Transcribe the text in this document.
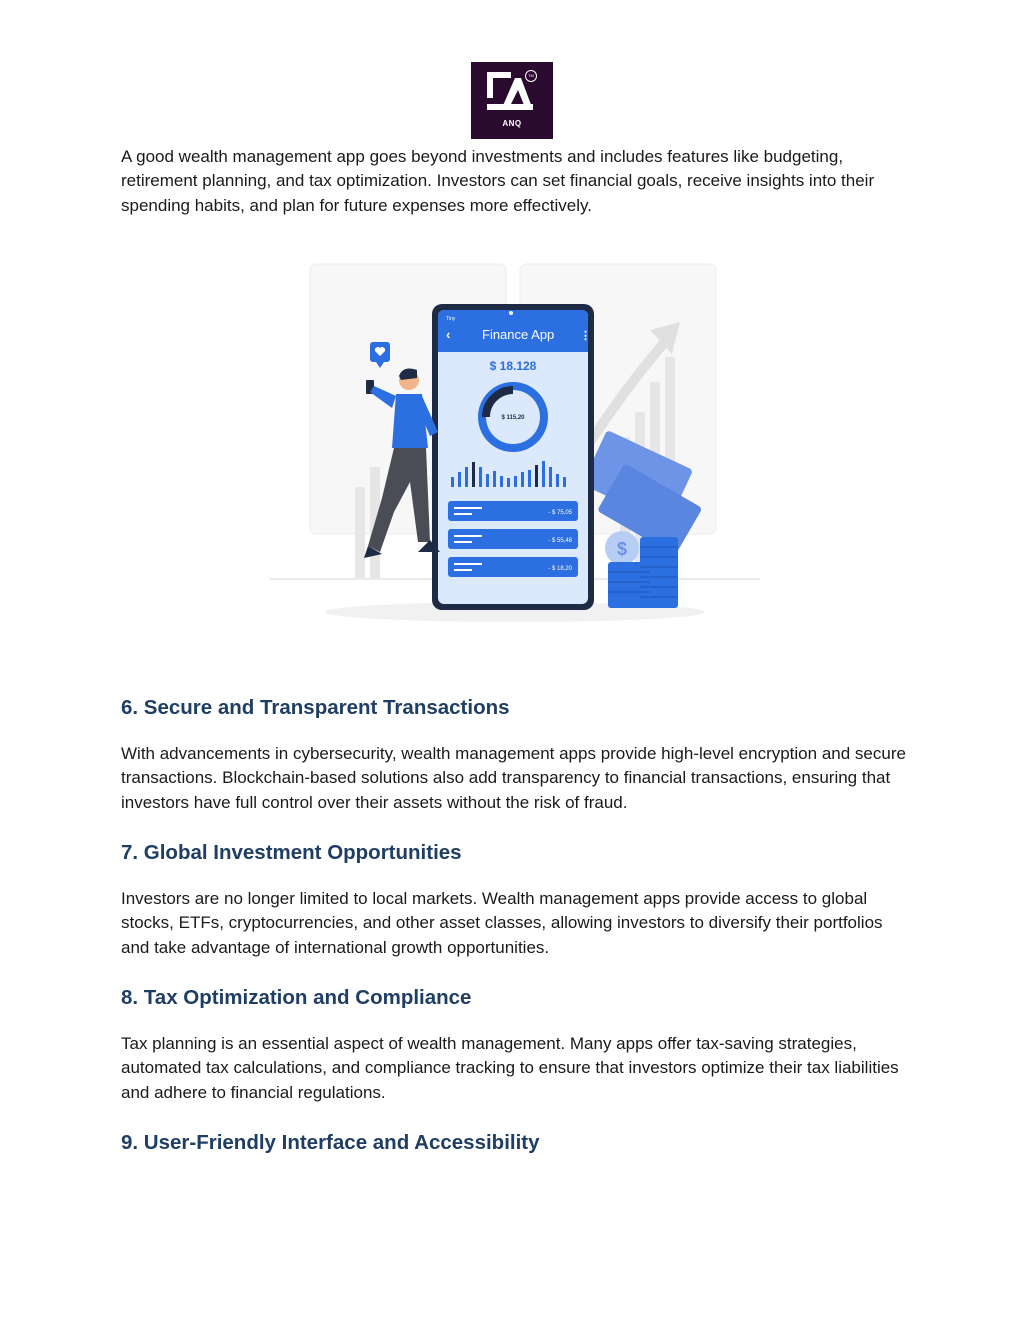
TM
ANQ

A good wealth management app goes beyond investments and includes features like budgeting, retirement planning, and tax optimization. Investors can set financial goals, receive insights into their spending habits, and plan for future expenses more effectively.

$
Tiny
‹	⋮
Finance App
$ 18.128
$ 115,20
- $ 75,05
- $ 55,48
- $ 18,20
6. Secure and Transparent Transactions

With advancements in cybersecurity, wealth management apps provide high-level encryption and secure transactions. Blockchain-based solutions also add transparency to financial transactions, ensuring that investors have full control over their assets without the risk of fraud.

7. Global Investment Opportunities

Investors are no longer limited to local markets. Wealth management apps provide access to global stocks, ETFs, cryptocurrencies, and other asset classes, allowing investors to diversify their portfolios and take advantage of international growth opportunities.

8. Tax Optimization and Compliance

Tax planning is an essential aspect of wealth management. Many apps offer tax-saving strategies, automated tax calculations, and compliance tracking to ensure that investors optimize their tax liabilities and adhere to financial regulations.

9. User-Friendly Interface and Accessibility
